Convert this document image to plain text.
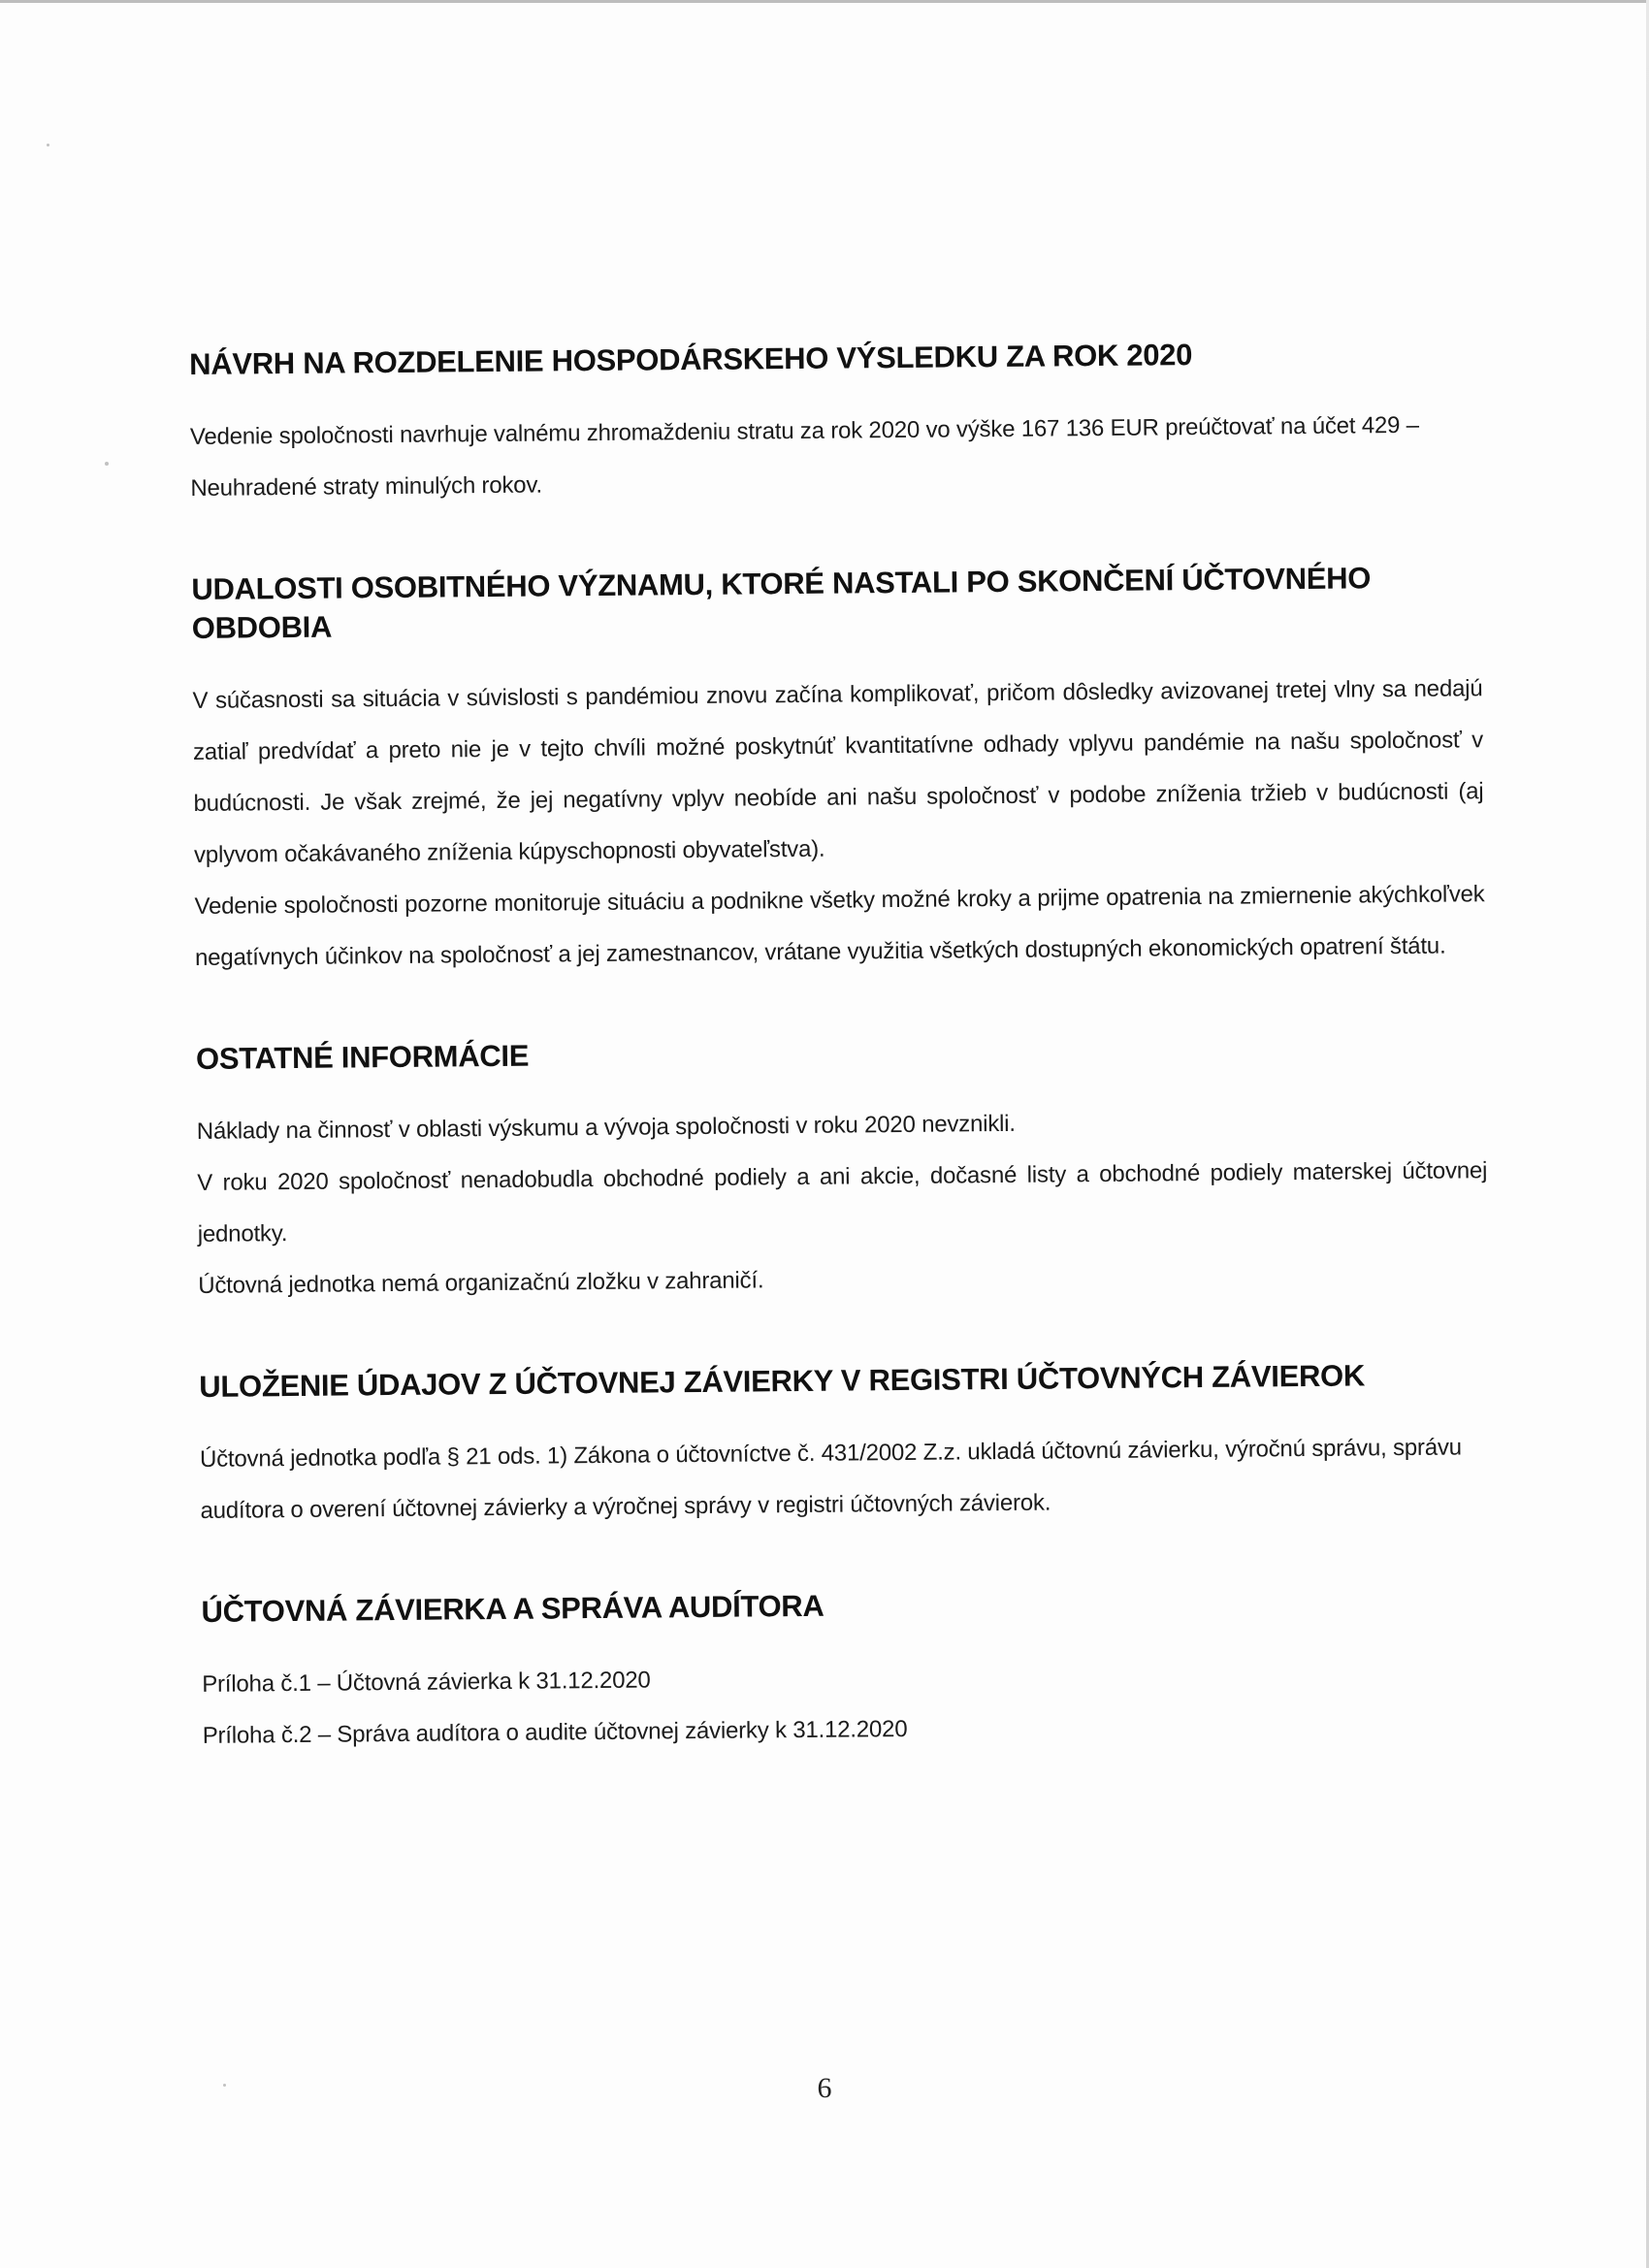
NÁVRH NA ROZDELENIE HOSPODÁRSKEHO VÝSLEDKU ZA ROK 2020

Vedenie spoločnosti navrhuje valnému zhromaždeniu stratu za rok 2020 vo výške 167 136 EUR preúčtovať na účet 429 – Neuhradené straty minulých rokov.

UDALOSTI OSOBITNÉHO VÝZNAMU, KTORÉ NASTALI PO SKONČENÍ ÚČTOVNÉHO OBDOBIA

V súčasnosti sa situácia v súvislosti s pandémiou znovu začína komplikovať, pričom dôsledky avizovanej tretej vlny sa nedajú zatiaľ predvídať a preto nie je v tejto chvíli možné poskytnúť kvantitatívne odhady vplyvu pandémie na našu spoločnosť v budúcnosti. Je však zrejmé, že jej negatívny vplyv neobíde ani našu spoločnosť v podobe zníženia tržieb v budúcnosti (aj vplyvom očakávaného zníženia kúpyschopnosti obyvateľstva).

Vedenie spoločnosti pozorne monitoruje situáciu a podnikne všetky možné kroky a prijme opatrenia na zmiernenie akýchkoľvek negatívnych účinkov na spoločnosť a jej zamestnancov, vrátane využitia všetkých dostupných ekonomických opatrení štátu.

OSTATNÉ INFORMÁCIE

Náklady na činnosť v oblasti výskumu a vývoja spoločnosti v roku 2020 nevznikli.

V roku 2020 spoločnosť nenadobudla obchodné podiely a ani akcie, dočasné listy a obchodné podiely materskej účtovnej jednotky.

Účtovná jednotka nemá organizačnú zložku v zahraničí.

ULOŽENIE ÚDAJOV Z ÚČTOVNEJ ZÁVIERKY V REGISTRI ÚČTOVNÝCH ZÁVIEROK

Účtovná jednotka podľa § 21 ods. 1) Zákona o účtovníctve č. 431/2002 Z.z. ukladá účtovnú závierku, výročnú správu, správu audítora o overení účtovnej závierky a výročnej správy v registri účtovných závierok.

ÚČTOVNÁ ZÁVIERKA A SPRÁVA AUDÍTORA

Príloha č.1 – Účtovná závierka k 31.12.2020

Príloha č.2 – Správa audítora o audite účtovnej závierky k 31.12.2020

6
